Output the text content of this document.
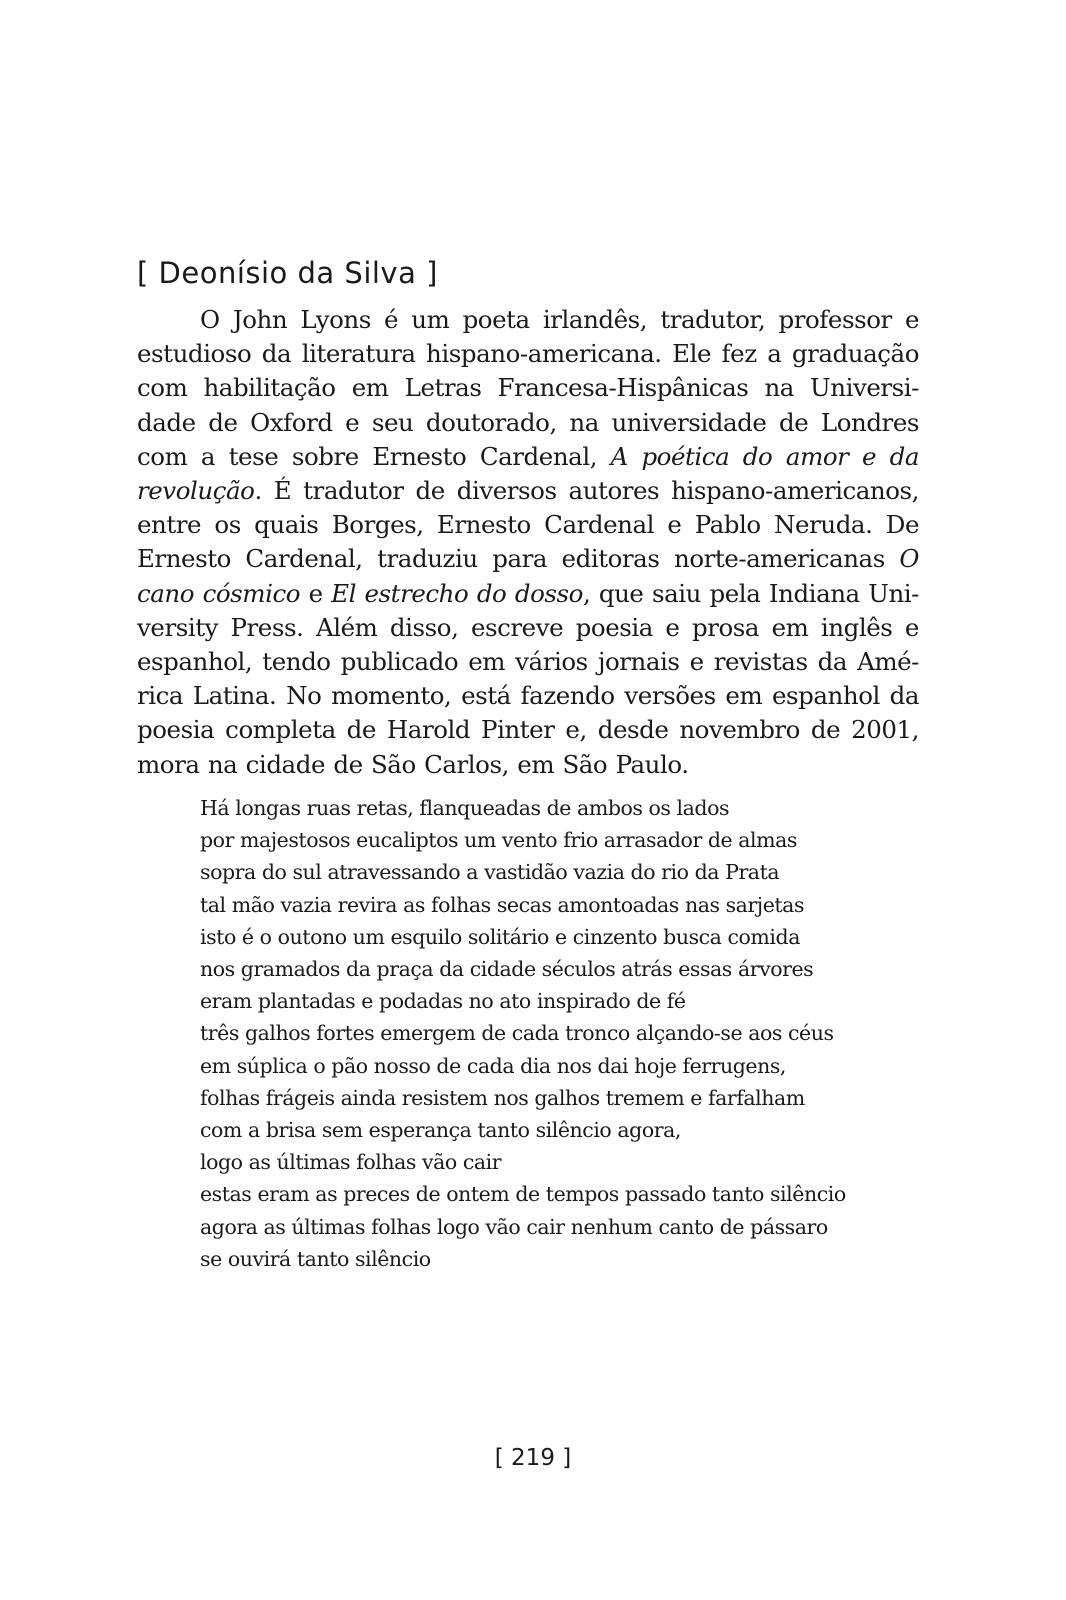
[ Deonísio da Silva ]
O John Lyons é um poeta irlandês, tradutor, professor e
estudioso da literatura hispano-americana. Ele fez a graduação
com habilitação em Letras Francesa-Hispânicas na Universi-
dade de Oxford e seu doutorado, na universidade de Londres
com a tese sobre Ernesto Cardenal, A poética do amor e da
revolução. É tradutor de diversos autores hispano-americanos,
entre os quais Borges, Ernesto Cardenal e Pablo Neruda. De
Ernesto Cardenal, traduziu para editoras norte-americanas O
cano cósmico e El estrecho do dosso, que saiu pela Indiana Uni-
versity Press. Além disso, escreve poesia e prosa em inglês e
espanhol, tendo publicado em vários jornais e revistas da Amé-
rica Latina. No momento, está fazendo versões em espanhol da
poesia completa de Harold Pinter e, desde novembro de 2001,
mora na cidade de São Carlos, em São Paulo.
Há longas ruas retas, flanqueadas de ambos os lados
por majestosos eucaliptos um vento frio arrasador de almas
sopra do sul atravessando a vastidão vazia do rio da Prata
tal mão vazia revira as folhas secas amontoadas nas sarjetas
isto é o outono um esquilo solitário e cinzento busca comida
nos gramados da praça da cidade séculos atrás essas árvores
eram plantadas e podadas no ato inspirado de fé
três galhos fortes emergem de cada tronco alçando-se aos céus
em súplica o pão nosso de cada dia nos dai hoje ferrugens,
folhas frágeis ainda resistem nos galhos tremem e farfalham
com a brisa sem esperança tanto silêncio agora,
logo as últimas folhas vão cair
estas eram as preces de ontem de tempos passado tanto silêncio
agora as últimas folhas logo vão cair nenhum canto de pássaro
se ouvirá tanto silêncio
[ 219 ]
